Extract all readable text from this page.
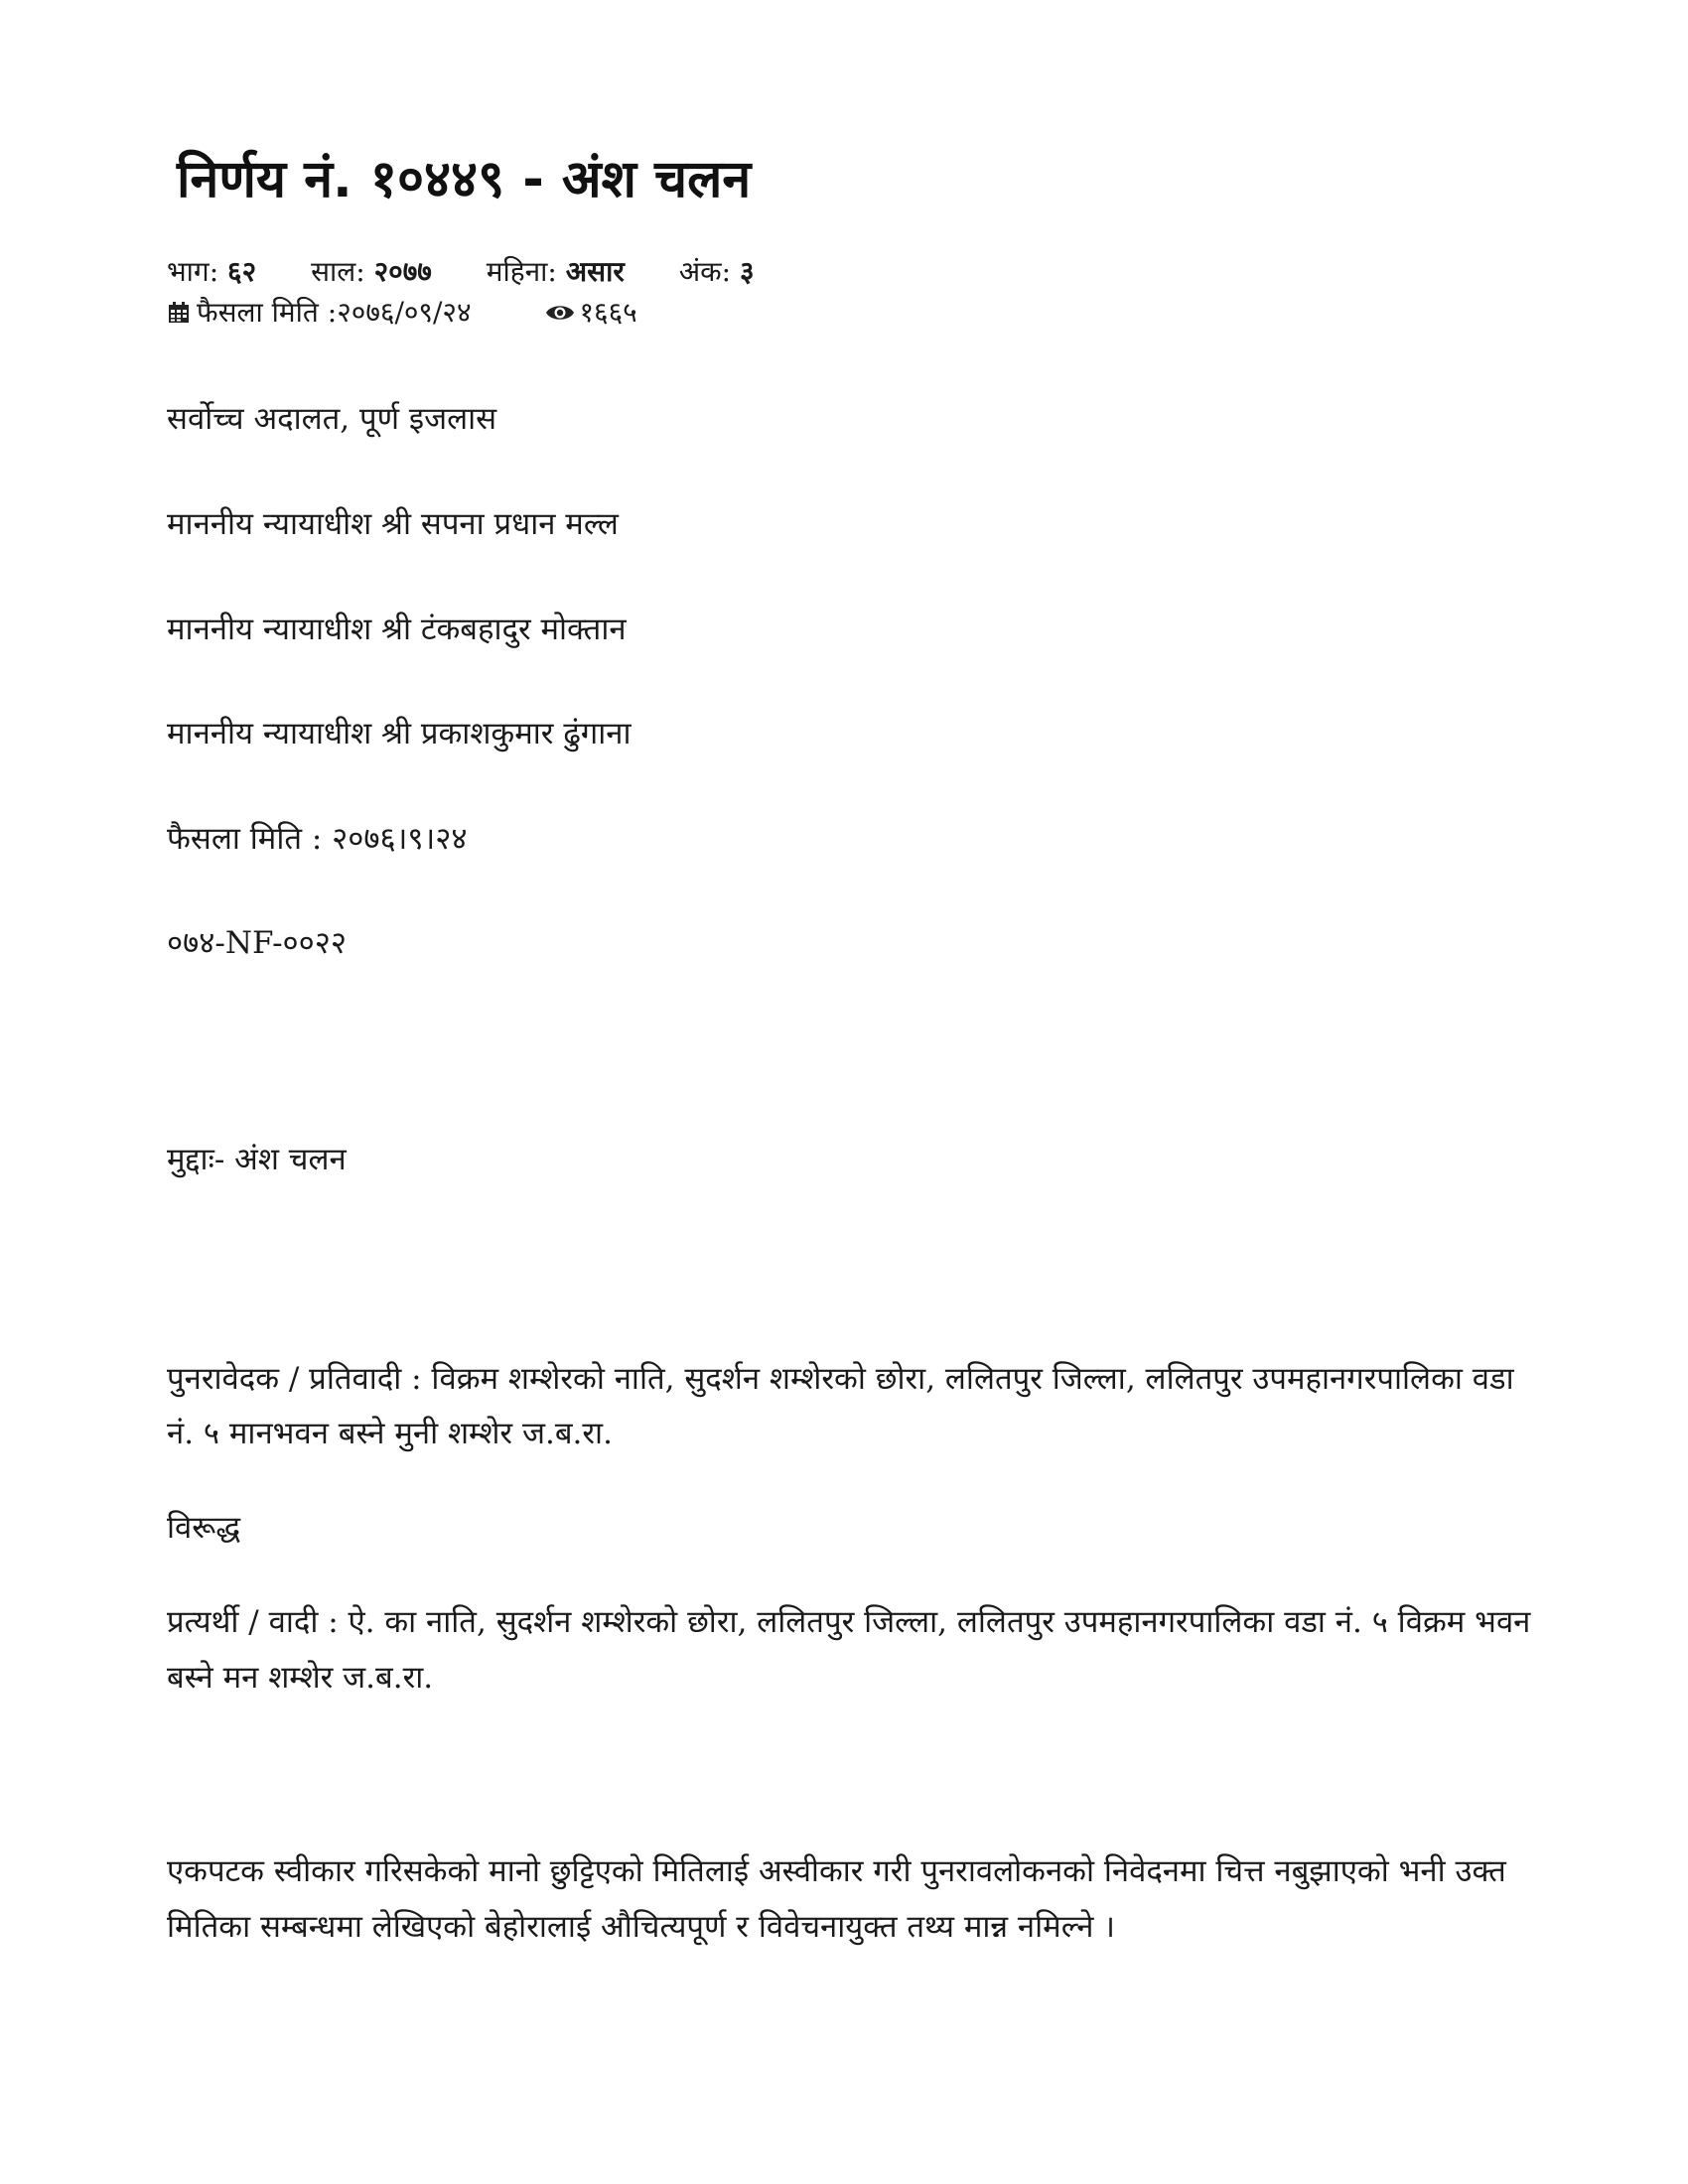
निर्णय नं. १०४४९ - अंश चलन
भाग: ६२ साल: २०७७ महिना: असार अंक: ३
फैसला मिति :२०७६/०९/२४	१६६५

सर्वोच्च अदालत, पूर्ण इजलास

माननीय न्यायाधीश श्री सपना प्रधान मल्ल

माननीय न्यायाधीश श्री टंकबहादुर मोक्तान

माननीय न्यायाधीश श्री प्रकाशकुमार ढुंगाना

फैसला मिति : २०७६।९।२४

०७४-NF-००२२

मुद्दाः- अंश चलन

पुनरावेदक / प्रतिवादी : विक्रम शम्शेरको नाति, सुदर्शन शम्शेरको छोरा, ललितपुर जिल्ला, ललितपुर उपमहानगरपालिका वडा नं. ५ मानभवन बस्ने मुनी शम्शेर ज.ब.रा.

विरूद्ध

प्रत्यर्थी / वादी : ऐ. का नाति, सुदर्शन शम्शेरको छोरा, ललितपुर जिल्ला, ललितपुर उपमहानगरपालिका वडा नं. ५ विक्रम भवन बस्ने मन शम्शेर ज.ब.रा.

एकपटक स्वीकार गरिसकेको मानो छुट्टिएको मितिलाई अस्वीकार गरी पुनरावलोकनको निवेदनमा चित्त नबुझाएको भनी उक्त मितिका सम्बन्धमा लेखिएको बेहोरालाई औचित्यपूर्ण र विवेचनायुक्त तथ्य मान्न नमिल्ने ।
